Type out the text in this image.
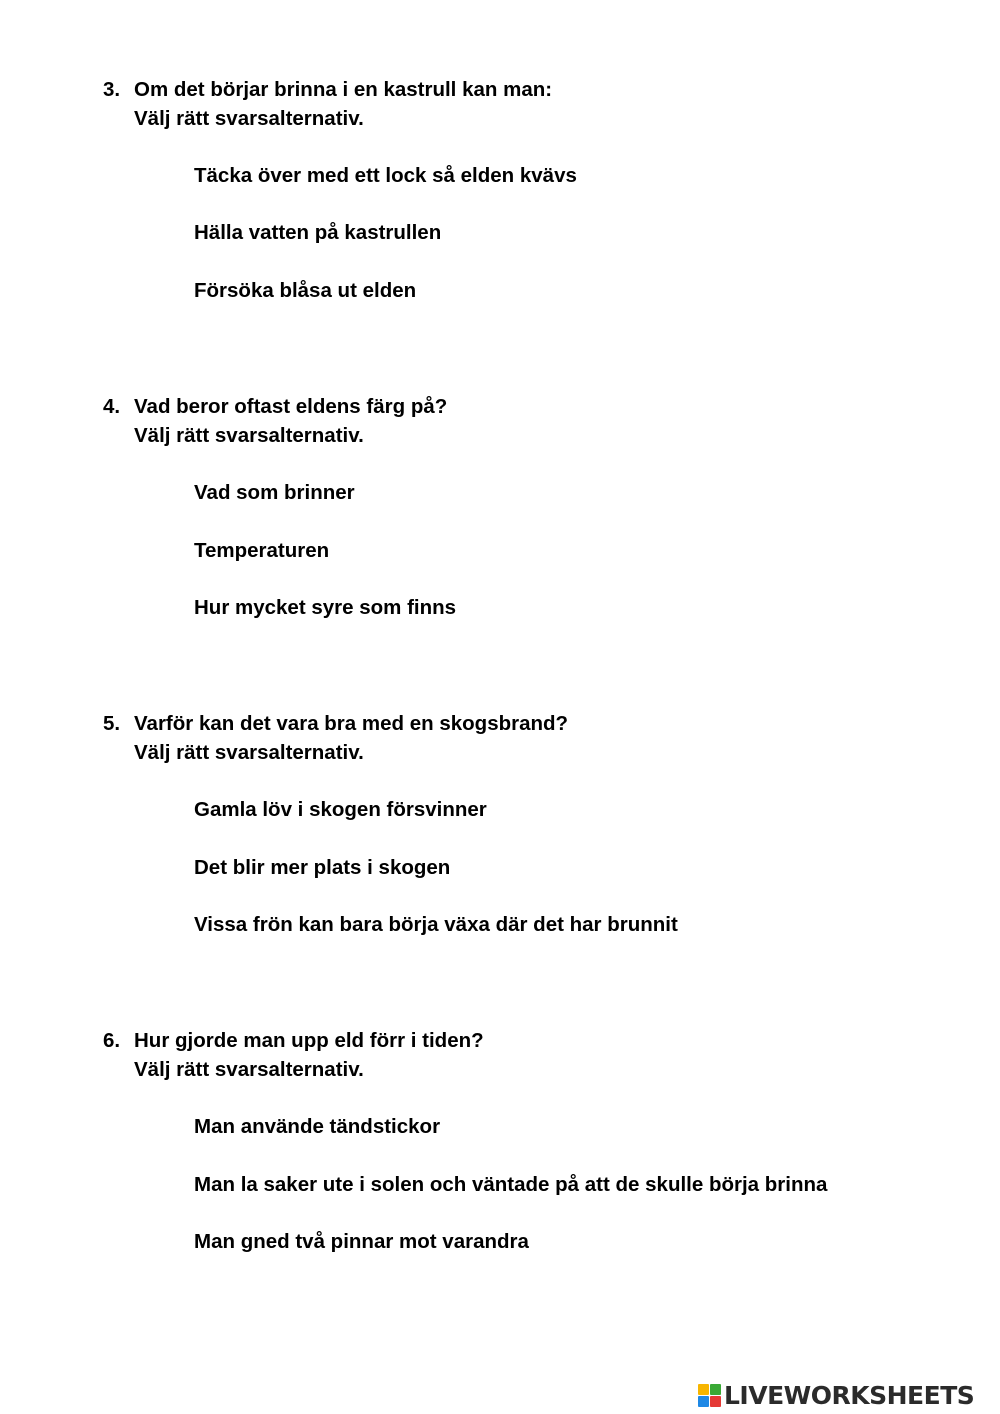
3. Om det börjar brinna i en kastrull kan man:
Välj rätt svarsalternativ.
Täcka över med ett lock så elden kvävs
Hälla vatten på kastrullen
Försöka blåsa ut elden
4. Vad beror oftast eldens färg på?
Välj rätt svarsalternativ.
Vad som brinner
Temperaturen
Hur mycket syre som finns
5. Varför kan det vara bra med en skogsbrand?
Välj rätt svarsalternativ.
Gamla löv i skogen försvinner
Det blir mer plats i skogen
Vissa frön kan bara börja växa där det har brunnit
6. Hur gjorde man upp eld förr i tiden?
Välj rätt svarsalternativ.
Man använde tändstickor
Man la saker ute i solen och väntade på att de skulle börja brinna
Man gned två pinnar mot varandra
LIVEWORKSHEETS
